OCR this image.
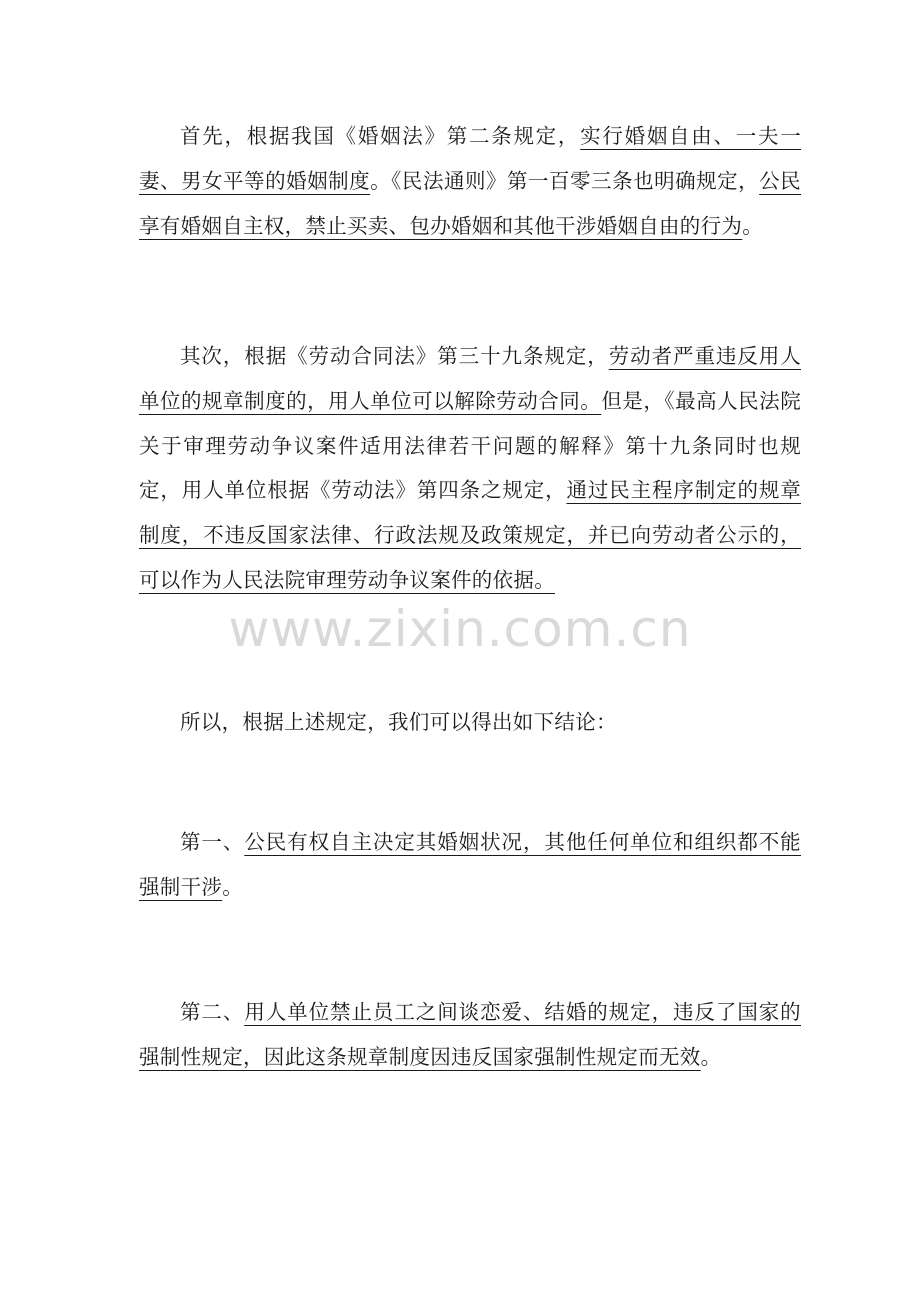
首先，根据我国《婚姻法》第二条规定，实行婚姻自由、一夫一妻、男女平等的婚姻制度。《民法通则》第一百零三条也明确规定，公民享有婚姻自主权，禁止买卖、包办婚姻和其他干涉婚姻自由的行为。

其次，根据《劳动合同法》第三十九条规定，劳动者严重违反用人单位的规章制度的，用人单位可以解除劳动合同。但是，《最高人民法院关于审理劳动争议案件适用法律若干问题的解释》第十九条同时也规定，用人单位根据《劳动法》第四条之规定，通过民主程序制定的规章制度，不违反国家法律、行政法规及政策规定，并已向劳动者公示的，可以作为人民法院审理劳动争议案件的依据。

所以，根据上述规定，我们可以得出如下结论：

第一、公民有权自主决定其婚姻状况，其他任何单位和组织都不能强制干涉。

第二、用人单位禁止员工之间谈恋爱、结婚的规定，违反了国家的强制性规定，因此这条规章制度因违反国家强制性规定而无效。

www.zixin.com.cn
